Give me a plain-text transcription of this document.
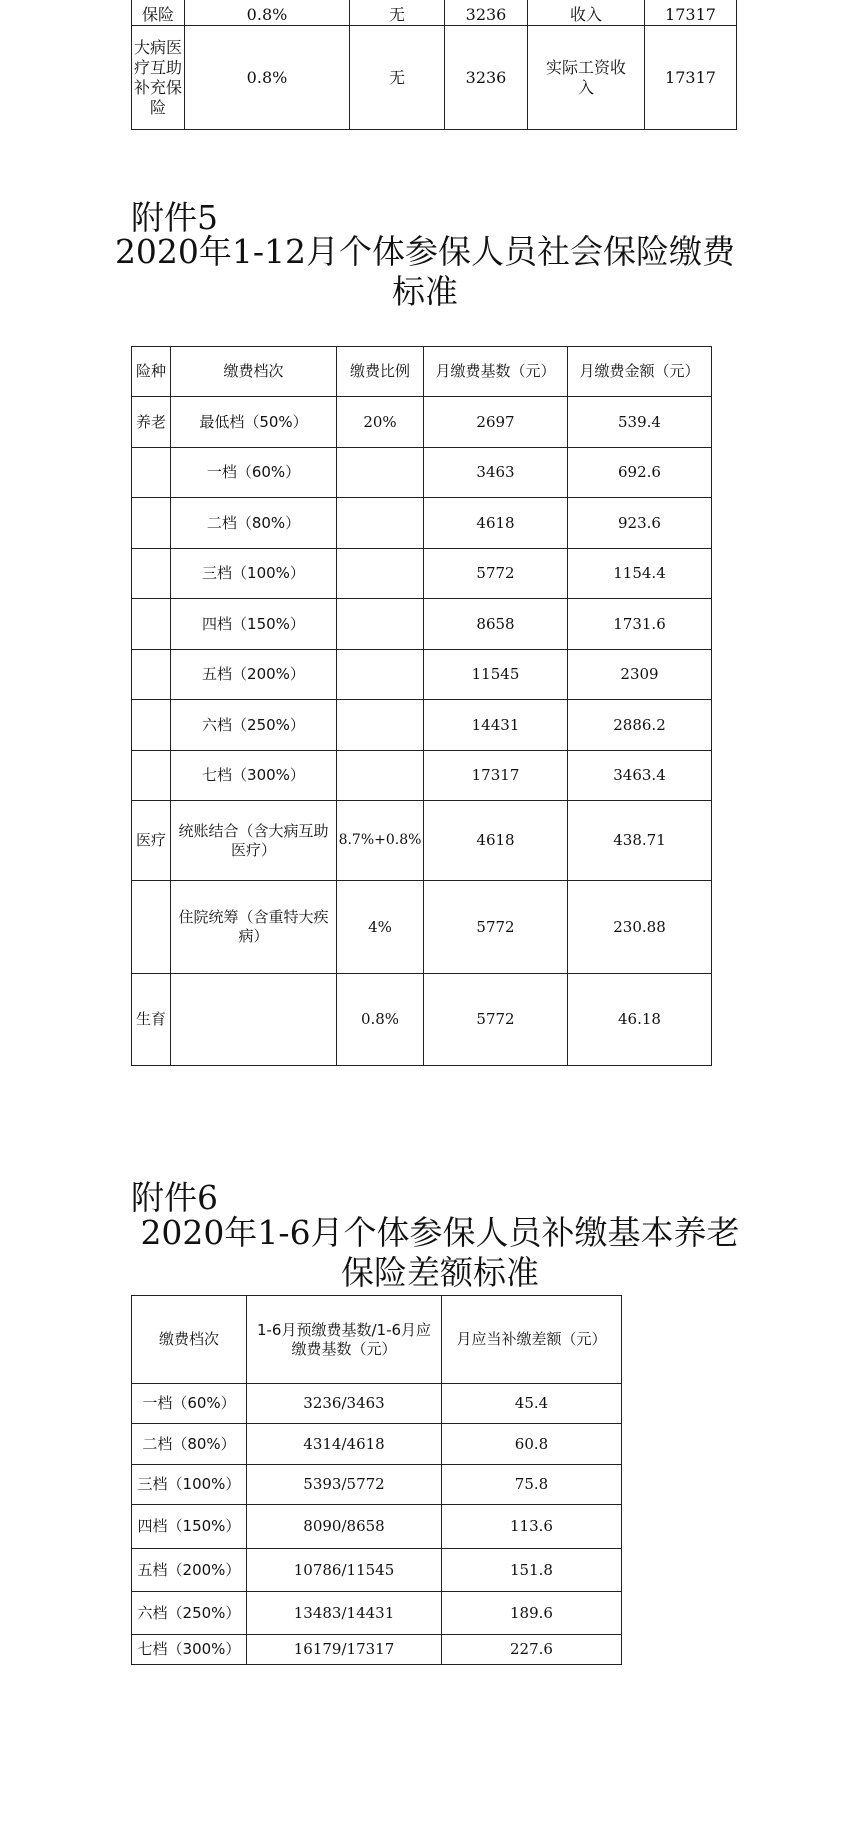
保险	0.8%	无	3236	收入	17317
大病医疗互助补充保险	0.8%	无	3236	实际工资收入	17317
附件5
2020年1-12月个体参保人员社会保险缴费
标准
险种	缴费档次	缴费比例	月缴费基数（元）	月缴费金额（元）
养老	最低档（50%）	20%	2697	539.4
	一档（60%）		3463	692.6
	二档（80%）		4618	923.6
	三档（100%）		5772	1154.4
	四档（150%）		8658	1731.6
	五档（200%）		11545	2309
	六档（250%）		14431	2886.2
	七档（300%）		17317	3463.4
医疗	统账结合（含大病互助医疗）	8.7%+0.8%	4618	438.71
	住院统筹（含重特大疾病）	4%	5772	230.88
生育		0.8%	5772	46.18
附件6
2020年1-6月个体参保人员补缴基本养老
保险差额标准
缴费档次	1-6月预缴费基数/1-6月应缴费基数（元）	月应当补缴差额（元）
一档（60%）	3236/3463	45.4
二档（80%）	4314/4618	60.8
三档（100%）	5393/5772	75.8
四档（150%）	8090/8658	113.6
五档（200%）	10786/11545	151.8
六档（250%）	13483/14431	189.6
七档（300%）	16179/17317	227.6
